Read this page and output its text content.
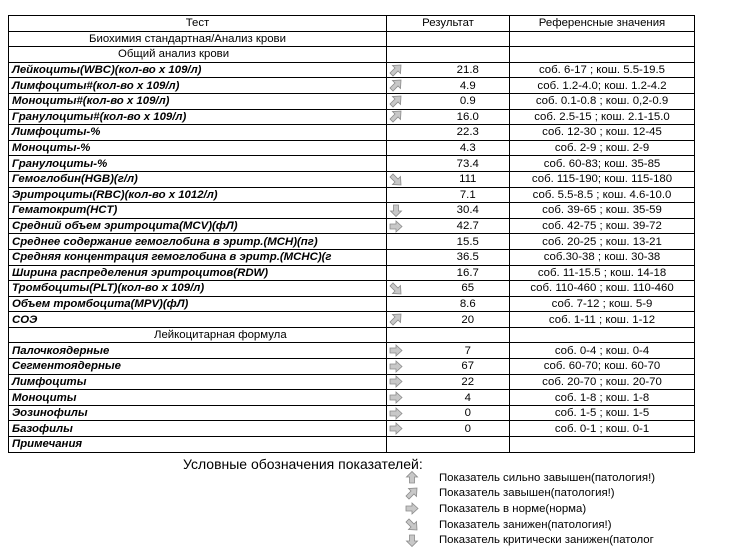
Тест	Результат		Референсные значения
Биохимия стандартная/Анализ крови			
Общий анализ крови			
Лейкоциты(WBC)(кол-во x 109/л)		21.8	соб. 6-17 ; кош. 5.5-19.5
Лимфоциты#(кол-во x 109/л)		4.9	соб. 1.2-4.0; кош. 1.2-4.2
Моноциты#(кол-во x 109/л)		0.9	соб. 0.1-0.8 ; кош. 0,2-0.9
Гранулоциты#(кол-во x 109/л)		16.0	соб. 2.5-15 ; кош. 2.1-15.0
Лимфоциты-%		22.3	соб. 12-30 ; кош. 12-45
Моноциты-%		4.3	соб. 2-9 ; кош. 2-9
Гранулоциты-%		73.4	соб. 60-83; кош. 35-85
Гемоглобин(HGB)(г/л)		111	соб. 115-190; кош. 115-180
Эритроциты(RBC)(кол-во x 1012/л)		7.1	соб. 5.5-8.5 ; кош. 4.6-10.0
Гематокрит(HCT)		30.4	соб. 39-65 ; кош. 35-59
Средний объем эритроцита(MCV)(фЛ)		42.7	соб. 42-75 ; кош. 39-72
Среднее содержание гемоглобина в эритр.(MCH)(пг)		15.5	соб. 20-25 ; кош. 13-21
Средняя концентрация гемоглобина в эритр.(MCHC)(г		36.5	соб.30-38 ; кош. 30-38
Ширина распределения эритроцитов(RDW)		16.7	соб. 11-15.5 ; кош. 14-18
Тромбоциты(PLT)(кол-во x 109/л)		65	соб. 110-460 ; кош. 110-460
Объем тромбоцита(MPV)(фЛ)		8.6	соб. 7-12 ; кош. 5-9
СОЭ		20	соб. 1-11 ; кош. 1-12
Лейкоцитарная формула			
Палочкоядерные		7	соб. 0-4 ; кош. 0-4
Сегментоядерные		67	соб. 60-70; кош. 60-70
Лимфоциты		22	соб. 20-70 ; кош. 20-70
Моноциты		4	соб. 1-8 ; кош. 1-8
Эозинофилы		0	соб. 1-5 ; кош. 1-5
Базофилы		0	соб. 0-1 ; кош. 0-1
Примечания			
Условные обозначения показателей:
Показатель сильно завышен(патология!)
Показатель завышен(патология!)
Показатель в норме(норма)
Показатель занижен(патология!)
Показатель критически занижен(патолог
